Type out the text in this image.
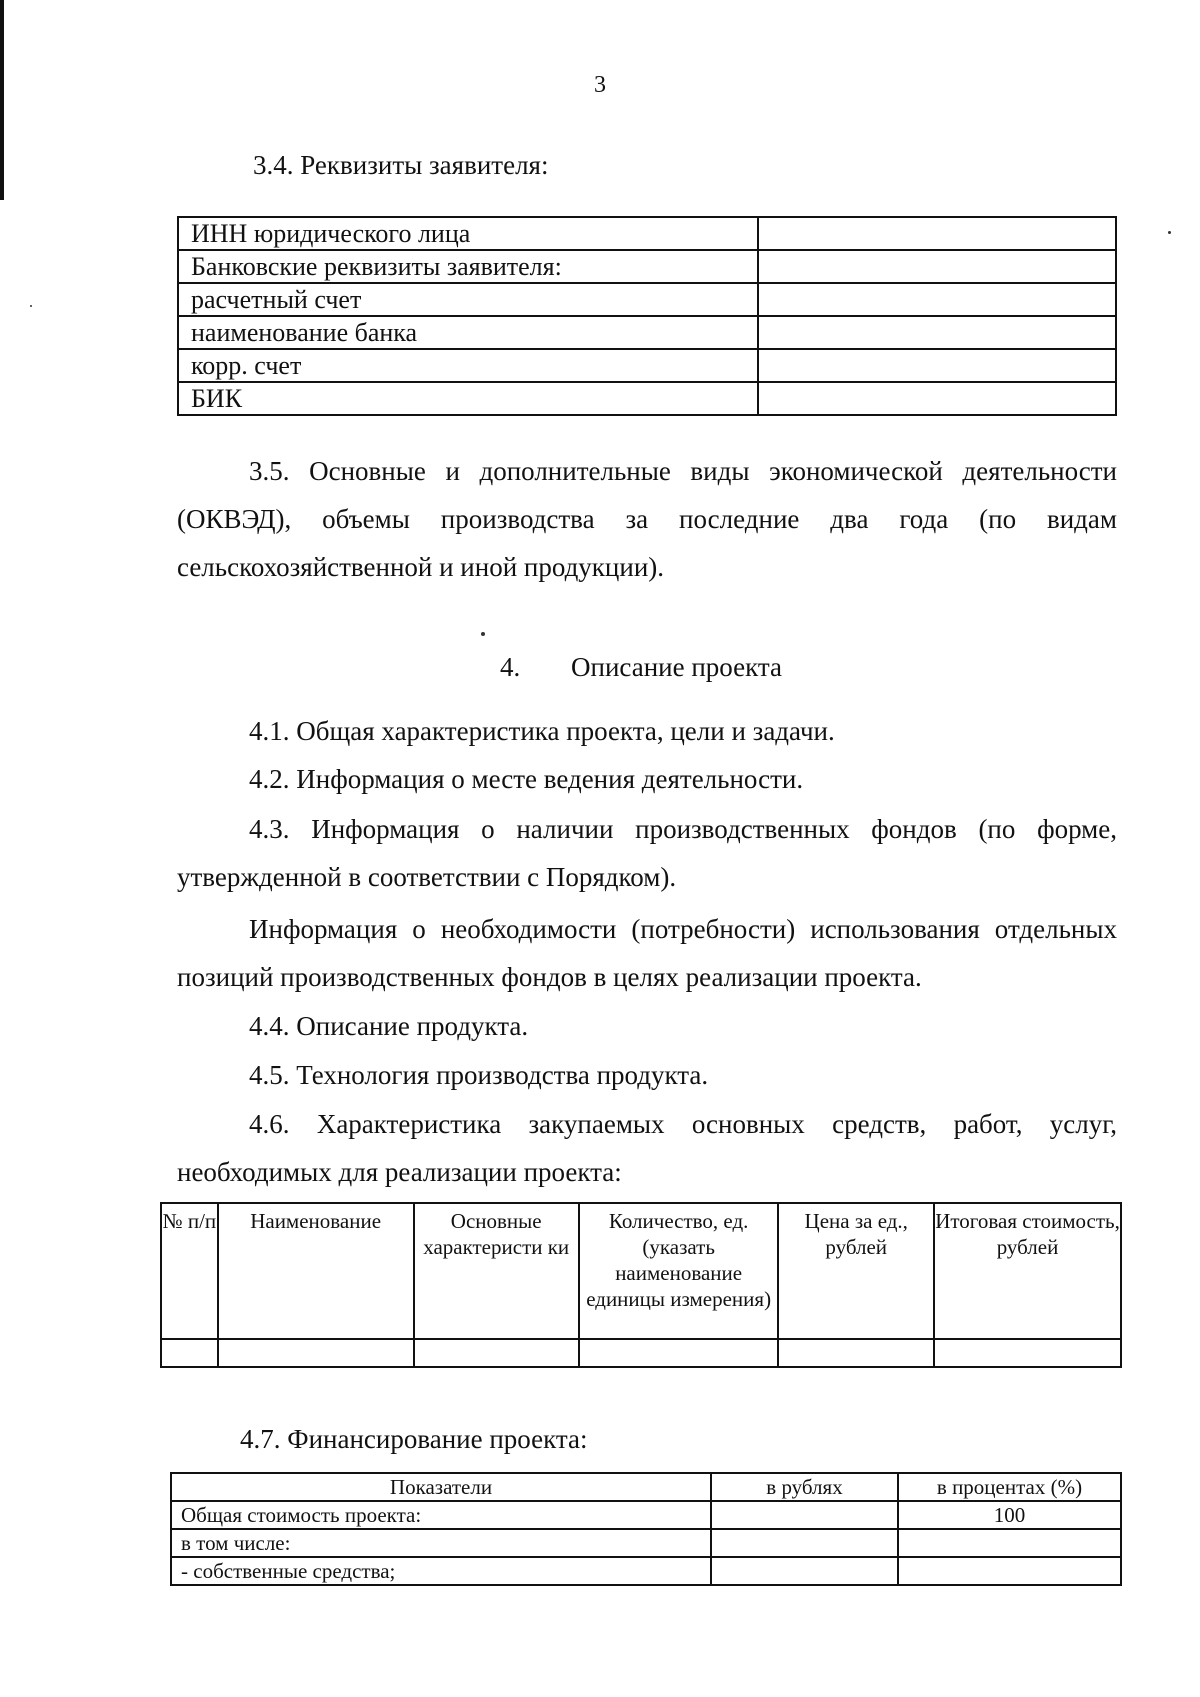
3
3.4. Реквизиты заявителя:
ИНН юридического лица	
Банковские реквизиты заявителя:	
расчетный счет	
наименование банка	
корр. счет	
БИК	
3.5. Основные и дополнительные виды экономической деятельности
(ОКВЭД), объемы производства за последние два года (по видам
сельскохозяйственной и иной продукции).
4. Описание проекта
4.1. Общая характеристика проекта, цели и задачи.
4.2. Информация о месте ведения деятельности.
4.3. Информация о наличии производственных фондов (по форме,
утвержденной в соответствии с Порядком).
Информация о необходимости (потребности) использования отдельных
позиций производственных фондов в целях реализации проекта.
4.4. Описание продукта.
4.5. Технология производства продукта.
4.6. Характеристика закупаемых основных средств, работ, услуг,
необходимых для реализации проекта:
№ п/п	Наименование	Основные характеристи ки	Количество, ед. (указать наименование единицы измерения)	Цена за ед., рублей	Итоговая стоимость, рублей

4.7. Финансирование проекта:
Показатели	в рублях	в процентах (%)
Общая стоимость проекта:		100
в том числе:		
- собственные средства;		
